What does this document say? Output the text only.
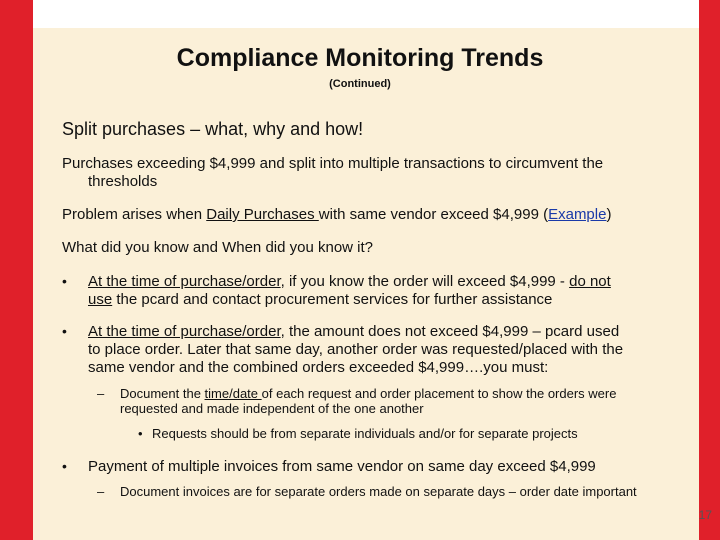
Compliance Monitoring Trends
(Continued)
Split purchases – what, why and how!
Purchases exceeding $4,999 and split into multiple transactions to circumvent the
thresholds
Problem arises when Daily Purchases with same vendor exceed $4,999 (Example)
What did you know and When did you know it?
• At the time of purchase/order, if you know the order will exceed $4,999 - do not
use the pcard and contact procurement services for further assistance
• At the time of purchase/order, the amount does not exceed $4,999 – pcard used
to place order. Later that same day, another order was requested/placed with the
same vendor and the combined orders exceeded $4,999….you must:
– Document the time/date of each request and order placement to show the orders were
requested and made independent of the one another
• Requests should be from separate individuals and/or for separate projects
• Payment of multiple invoices from same vendor on same day exceed $4,999
– Document invoices are for separate orders made on separate days – order date important
17
